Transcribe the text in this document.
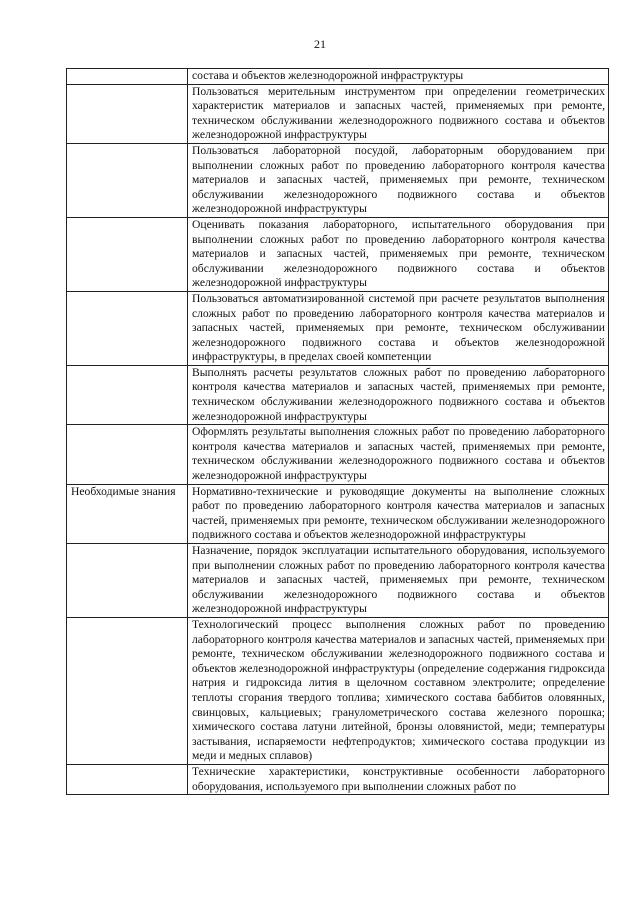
21
	состава и объектов железнодорожной инфраструктуры
	Пользоваться мерительным инструментом при определении геометрических характеристик материалов и запасных частей, применяемых при ремонте, техническом обслуживании железнодорожного подвижного состава и объектов железнодорожной инфраструктуры
	Пользоваться лабораторной посудой, лабораторным оборудованием при выполнении сложных работ по проведению лабораторного контроля качества материалов и запасных частей, применяемых при ремонте, техническом обслуживании железнодорожного подвижного состава и объектов железнодорожной инфраструктуры
	Оценивать показания лабораторного, испытательного оборудования при выполнении сложных работ по проведению лабораторного контроля качества материалов и запасных частей, применяемых при ремонте, техническом обслуживании железнодорожного подвижного состава и объектов железнодорожной инфраструктуры
	Пользоваться автоматизированной системой при расчете результатов выполнения сложных работ по проведению лабораторного контроля качества материалов и запасных частей, применяемых при ремонте, техническом обслуживании железнодорожного подвижного состава и объектов железнодорожной инфраструктуры, в пределах своей компетенции
	Выполнять расчеты результатов сложных работ по проведению лабораторного контроля качества материалов и запасных частей, применяемых при ремонте, техническом обслуживании железнодорожного подвижного состава и объектов железнодорожной инфраструктуры
	Оформлять результаты выполнения сложных работ по проведению лабораторного контроля качества материалов и запасных частей, применяемых при ремонте, техническом обслуживании железнодорожного подвижного состава и объектов железнодорожной инфраструктуры
Необходимые знания	Нормативно-технические и руководящие документы на выполнение сложных работ по проведению лабораторного контроля качества материалов и запасных частей, применяемых при ремонте, техническом обслуживании железнодорожного подвижного состава и объектов железнодорожной инфраструктуры
	Назначение, порядок эксплуатации испытательного оборудования, используемого при выполнении сложных работ по проведению лабораторного контроля качества материалов и запасных частей, применяемых при ремонте, техническом обслуживании железнодорожного подвижного состава и объектов железнодорожной инфраструктуры
	Технологический процесс выполнения сложных работ по проведению лабораторного контроля качества материалов и запасных частей, применяемых при ремонте, техническом обслуживании железнодорожного подвижного состава и объектов железнодорожной инфраструктуры (определение содержания гидроксида натрия и гидроксида лития в щелочном составном электролите; определение теплоты сгорания твердого топлива; химического состава баббитов оловянных, свинцовых, кальциевых; гранулометрического состава железного порошка; химического состава латуни литейной, бронзы оловянистой, меди; температуры застывания, испаряемости нефтепродуктов; химического состава продукции из меди и медных сплавов)
	Технические характеристики, конструктивные особенности лабораторного оборудования, используемого при выполнении сложных работ по
